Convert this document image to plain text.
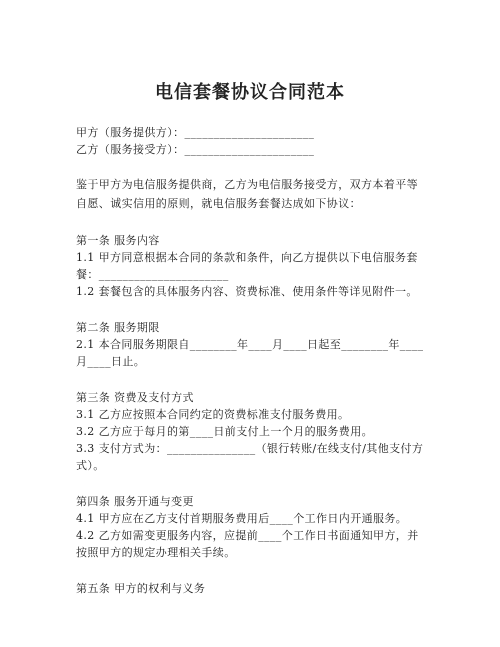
电信套餐协议合同范本
甲方（服务提供方）：______________________
乙方（服务接受方）：______________________
鉴于甲方为电信服务提供商，乙方为电信服务接受方，双方本着平等
自愿、诚实信用的原则，就电信服务套餐达成如下协议：
第一条 服务内容
1.1 甲方同意根据本合同的条款和条件，向乙方提供以下电信服务套
餐：______________________
1.2 套餐包含的具体服务内容、资费标准、使用条件等详见附件一。
第二条 服务期限
2.1 本合同服务期限自________年____月____日起至________年____
月____日止。
第三条 资费及支付方式
3.1 乙方应按照本合同约定的资费标准支付服务费用。
3.2 乙方应于每月的第____日前支付上一个月的服务费用。
3.3 支付方式为：_______________（银行转账/在线支付/其他支付方
式）。
第四条 服务开通与变更
4.1 甲方应在乙方支付首期服务费用后____个工作日内开通服务。
4.2 乙方如需变更服务内容，应提前____个工作日书面通知甲方，并
按照甲方的规定办理相关手续。
第五条 甲方的权利与义务
